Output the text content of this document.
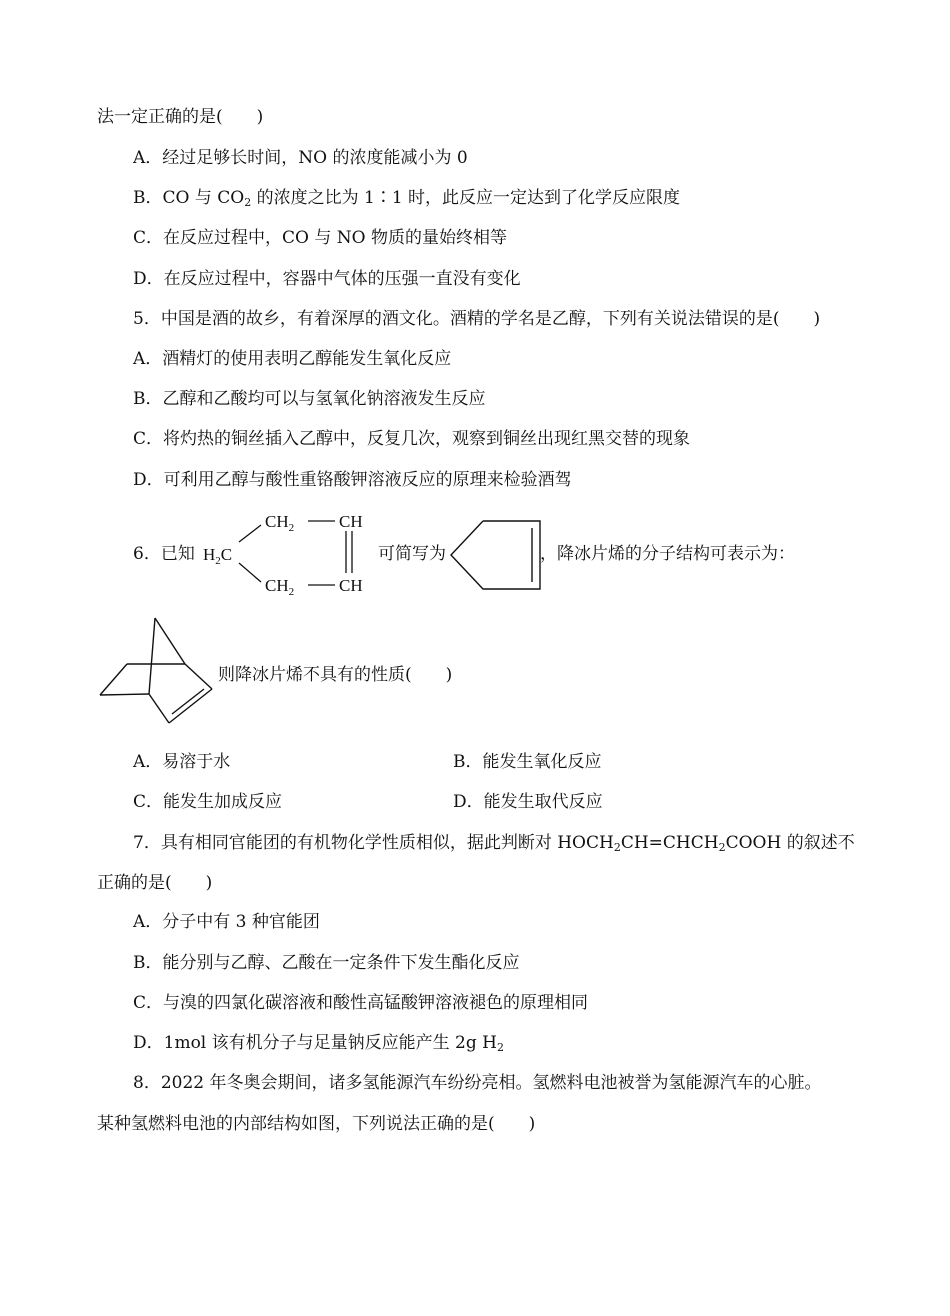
法一定正确的是(　　)
A．经过足够长时间，NO 的浓度能减小为 0
B．CO 与 $CO_2$ 的浓度之比为 1∶1 时，此反应一定达到了化学反应限度
C．在反应过程中，CO 与 NO 物质的量始终相等
D．在反应过程中，容器中气体的压强一直没有变化
5．中国是酒的故乡，有着深厚的酒文化。酒精的学名是乙醇，下列有关说法错误的是(　　)
A．酒精灯的使用表明乙醇能发生氧化反应
B．乙醇和乙酸均可以与氢氧化钠溶液发生反应
C．将灼热的铜丝插入乙醇中，反复几次，观察到铜丝出现红黑交替的现象
D．可利用乙醇与酸性重铬酸钾溶液反应的原理来检验酒驾
6．已知 $H_2C$
$CH_2$
$CH_2$
CH
CH
可简写为	，降冰片烯的分子结构可表示为：
则降冰片烯不具有的性质(　　)
A．易溶于水	B．能发生氧化反应
C．能发生加成反应	D．能发生取代反应
7．具有相同官能团的有机物化学性质相似，据此判断对 $HOCH_2CH=CHCH_2COOH$ 的叙述不
正确的是(　　)
A．分子中有 3 种官能团
B．能分别与乙醇、乙酸在一定条件下发生酯化反应
C．与溴的四氯化碳溶液和酸性高锰酸钾溶液褪色的原理相同
D．1mol 该有机分子与足量钠反应能产生 2g $H_2$
8．2022 年冬奥会期间，诸多氢能源汽车纷纷亮相。氢燃料电池被誉为氢能源汽车的心脏。
某种氢燃料电池的内部结构如图，下列说法正确的是(　　)
